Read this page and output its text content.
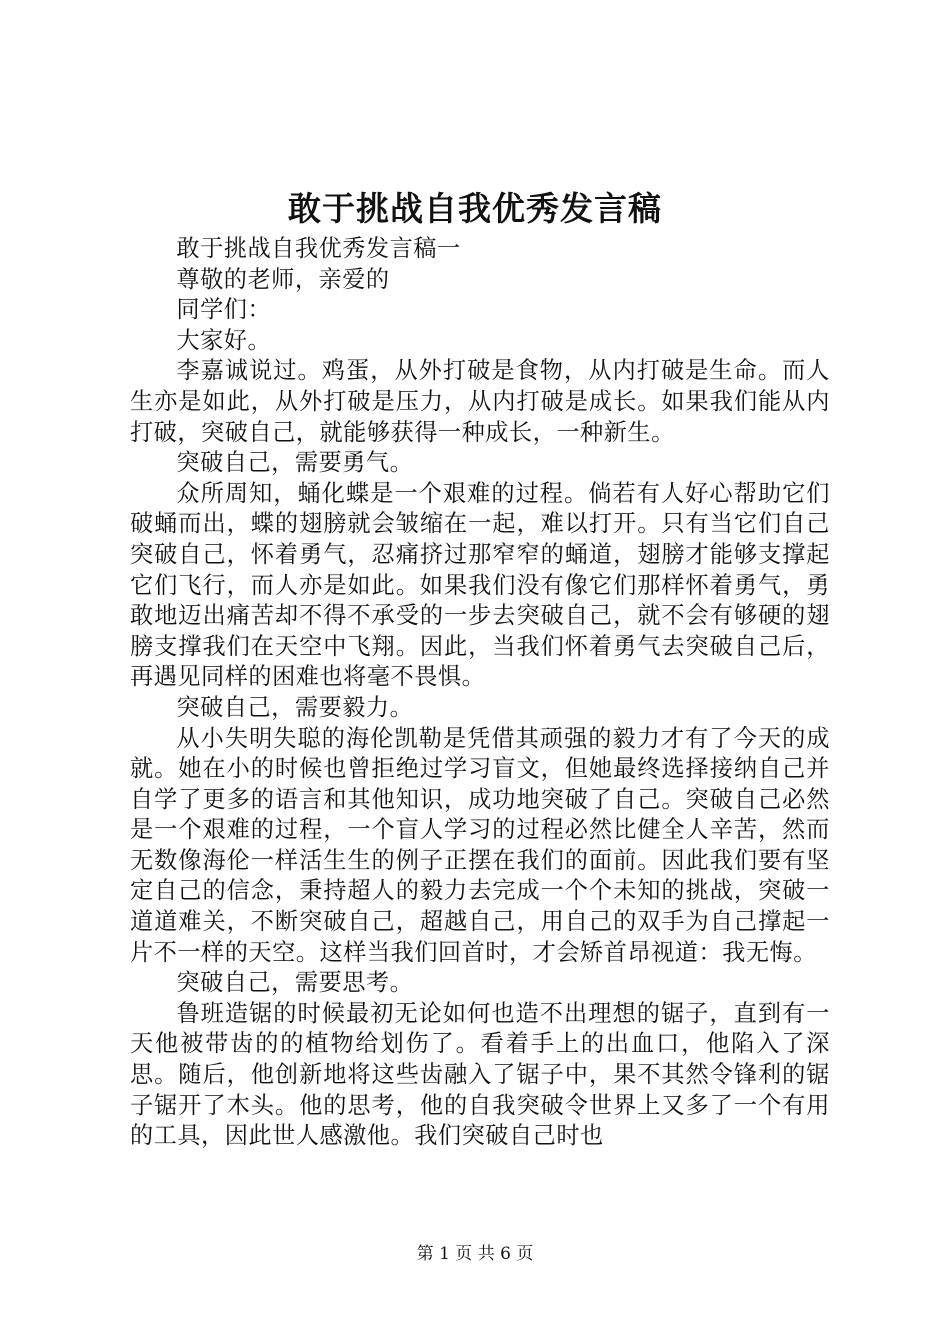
敢于挑战自我优秀发言稿

敢于挑战自我优秀发言稿一

尊敬的老师，亲爱的

同学们：

大家好。

李嘉诚说过。鸡蛋，从外打破是食物，从内打破是生命。而人生亦是如此，从外打破是压力，从内打破是成长。如果我们能从内打破，突破自己，就能够获得一种成长，一种新生。

突破自己，需要勇气。

众所周知，蛹化蝶是一个艰难的过程。倘若有人好心帮助它们破蛹而出，蝶的翅膀就会皱缩在一起，难以打开。只有当它们自己突破自己，怀着勇气，忍痛挤过那窄窄的蛹道，翅膀才能够支撑起它们飞行，而人亦是如此。如果我们没有像它们那样怀着勇气，勇敢地迈出痛苦却不得不承受的一步去突破自己，就不会有够硬的翅膀支撑我们在天空中飞翔。因此，当我们怀着勇气去突破自己后，再遇见同样的困难也将毫不畏惧。

突破自己，需要毅力。

从小失明失聪的海伦凯勒是凭借其顽强的毅力才有了今天的成就。她在小的时候也曾拒绝过学习盲文，但她最终选择接纳自己并自学了更多的语言和其他知识，成功地突破了自己。突破自己必然是一个艰难的过程，一个盲人学习的过程必然比健全人辛苦，然而无数像海伦一样活生生的例子正摆在我们的面前。因此我们要有坚定自己的信念，秉持超人的毅力去完成一个个未知的挑战，突破一道道难关，不断突破自己，超越自己，用自己的双手为自己撑起一片不一样的天空。这样当我们回首时，才会矫首昂视道：我无悔。

突破自己，需要思考。

鲁班造锯的时候最初无论如何也造不出理想的锯子，直到有一天他被带齿的的植物给划伤了。看着手上的出血口，他陷入了深思。随后，他创新地将这些齿融入了锯子中，果不其然令锋利的锯子锯开了木头。他的思考，他的自我突破令世界上又多了一个有用的工具，因此世人感激他。我们突破自己时也

第 1 页 共 6 页
